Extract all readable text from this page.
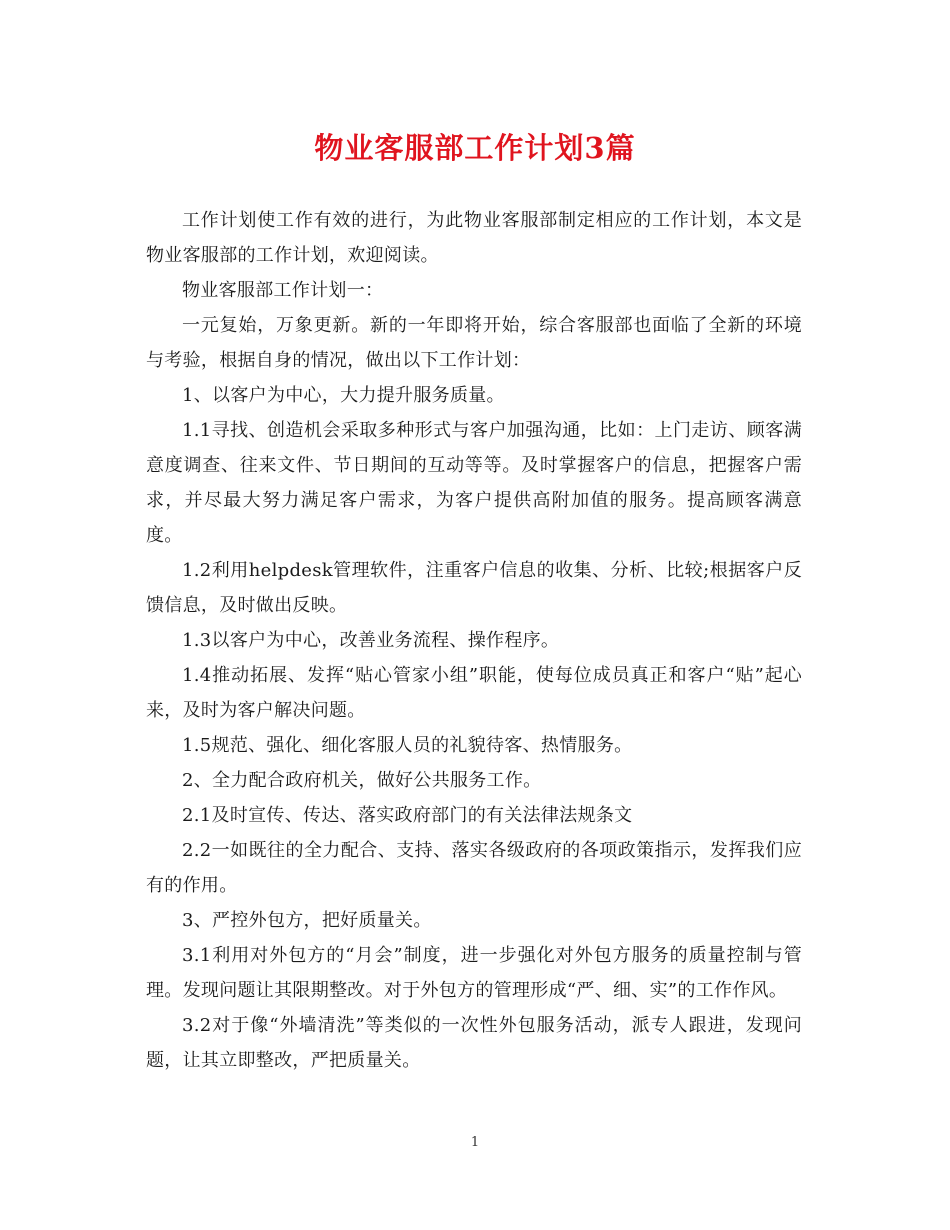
物业客服部工作计划3篇

工作计划使工作有效的进行，为此物业客服部制定相应的工作计划，本文是物业客服部的工作计划，欢迎阅读。

物业客服部工作计划一：

一元复始，万象更新。新的一年即将开始，综合客服部也面临了全新的环境与考验，根据自身的情况，做出以下工作计划：

1、以客户为中心，大力提升服务质量。

1.1寻找、创造机会采取多种形式与客户加强沟通，比如：上门走访、顾客满意度调查、往来文件、节日期间的互动等等。及时掌握客户的信息，把握客户需求，并尽最大努力满足客户需求，为客户提供高附加值的服务。提高顾客满意度。

1.2利用helpdesk管理软件，注重客户信息的收集、分析、比较;根据客户反馈信息，及时做出反映。

1.3以客户为中心，改善业务流程、操作程序。

1.4推动拓展、发挥“贴心管家小组”职能，使每位成员真正和客户“贴”起心来，及时为客户解决问题。

1.5规范、强化、细化客服人员的礼貌待客、热情服务。

2、全力配合政府机关，做好公共服务工作。

2.1及时宣传、传达、落实政府部门的有关法律法规条文

2.2一如既往的全力配合、支持、落实各级政府的各项政策指示，发挥我们应有的作用。

3、严控外包方，把好质量关。

3.1利用对外包方的“月会”制度，进一步强化对外包方服务的质量控制与管理。发现问题让其限期整改。对于外包方的管理形成“严、细、实”的工作作风。

3.2对于像“外墙清洗”等类似的一次性外包服务活动，派专人跟进，发现问题，让其立即整改，严把质量关。

1
